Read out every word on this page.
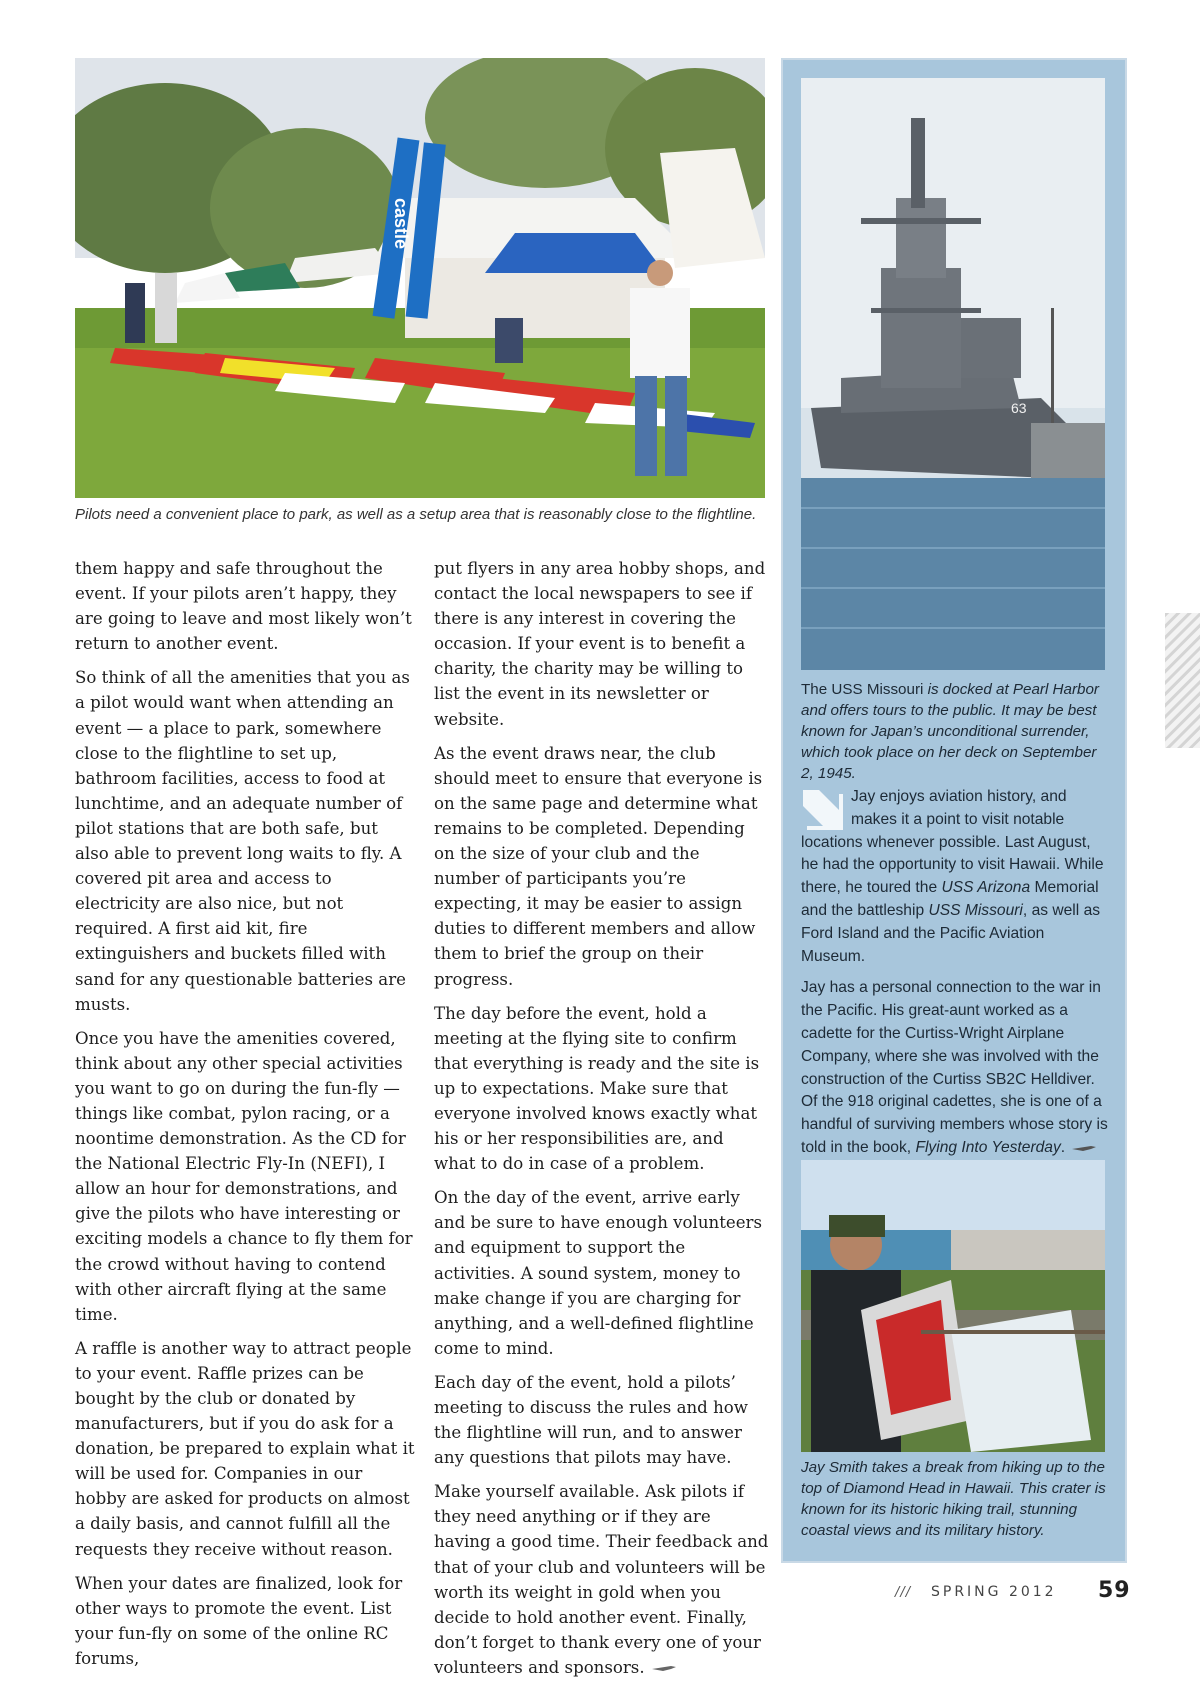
castle
Pilots need a convenient place to park, as well as a setup area that is reasonably close to the flightline.

them happy and safe throughout the event. If your pilots aren’t happy, they are going to leave and most likely won’t return to another event.

So think of all the amenities that you as a pilot would want when attending an event — a place to park, somewhere close to the flightline to set up, bathroom facilities, access to food at lunchtime, and an adequate number of pilot stations that are both safe, but also able to prevent long waits to fly. A covered pit area and access to electricity are also nice, but not required. A first aid kit, fire extinguishers and buckets filled with sand for any questionable batteries are musts.

Once you have the amenities covered, think about any other special activities you want to go on during the fun-fly — things like combat, pylon racing, or a noontime demonstration. As the CD for the National Electric Fly-In (NEFI), I allow an hour for demonstrations, and give the pilots who have interesting or exciting models a chance to fly them for the crowd without having to contend with other aircraft flying at the same time.

A raffle is another way to attract people to your event. Raffle prizes can be bought by the club or donated by manufacturers, but if you do ask for a donation, be prepared to explain what it will be used for. Companies in our hobby are asked for products on almost a daily basis, and cannot fulfill all the requests they receive without reason.

When your dates are finalized, look for other ways to promote the event. List your fun-fly on some of the online RC forums,

put flyers in any area hobby shops, and contact the local newspapers to see if there is any interest in covering the occasion. If your event is to benefit a charity, the charity may be willing to list the event in its newsletter or website.

As the event draws near, the club should meet to ensure that everyone is on the same page and determine what remains to be completed. Depending on the size of your club and the number of participants you’re expecting, it may be easier to assign duties to different members and allow them to brief the group on their progress.

The day before the event, hold a meeting at the flying site to confirm that everything is ready and the site is up to expectations. Make sure that everyone involved knows exactly what his or her responsibilities are, and what to do in case of a problem.

On the day of the event, arrive early and be sure to have enough volunteers and equipment to support the activities. A sound system, money to make change if you are charging for anything, and a well-defined flightline come to mind.

Each day of the event, hold a pilots’ meeting to discuss the rules and how the flightline will run, and to answer any questions that pilots may have.

Make yourself available. Ask pilots if they need anything or if they are having a good time. Their feedback and that of your club and volunteers will be worth its weight in gold when you decide to hold another event. Finally, don’t forget to thank every one of your volunteers and sponsors.

63
The USS Missouri is docked at Pearl Harbor and offers tours to the public. It may be best known for Japan’s unconditional surrender, which took place on her deck on September 2, 1945.

Jay enjoys aviation history, and makes it a point to visit notable locations whenever possible. Last August, he had the opportunity to visit Hawaii. While there, he toured the USS Arizona Memorial and the battleship USS Missouri, as well as Ford Island and the Pacific Aviation Museum.

Jay has a personal connection to the war in the Pacific. His great-aunt worked as a cadette for the Curtiss-Wright Airplane Company, where she was involved with the construction of the Curtiss SB2C Helldiver. Of the 918 original cadettes, she is one of a handful of surviving members whose story is told in the book, Flying Into Yesterday.

Jay Smith takes a break from hiking up to the top of Diamond Head in Hawaii. This crater is known for its historic hiking trail, stunning coastal views and its military history.
/// SPRING 2012 59
